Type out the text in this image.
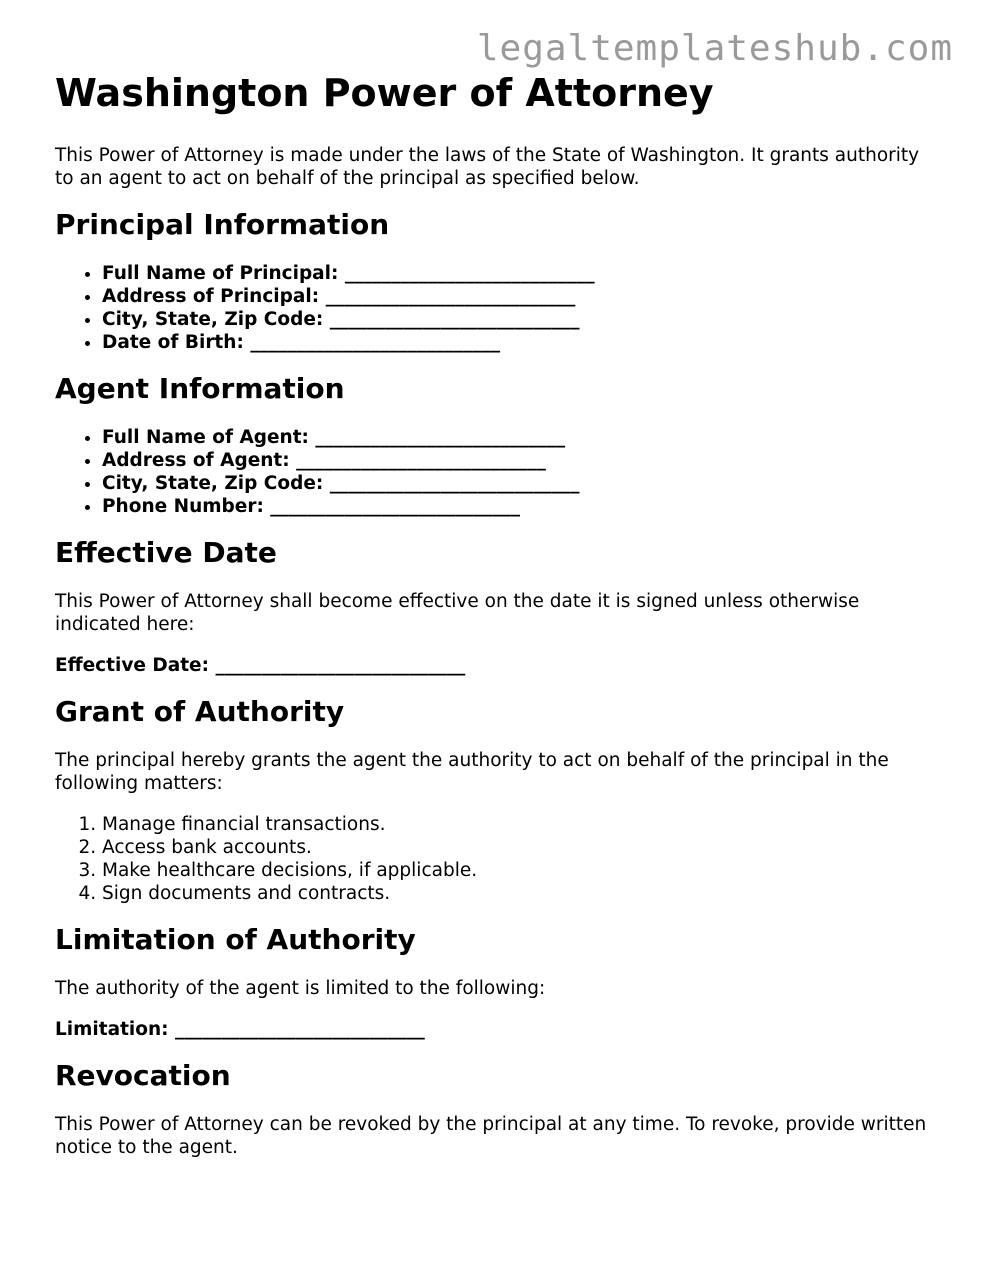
legaltemplateshub.com
Washington Power of Attorney

This Power of Attorney is made under the laws of the State of Washington. It grants authority to an agent to act on behalf of the principal as specified below.

Principal Information
• Full Name of Principal: ___________________________
• Address of Principal: ___________________________
• City, State, Zip Code: ___________________________
• Date of Birth: ___________________________
Agent Information
• Full Name of Agent: ___________________________
• Address of Agent: ___________________________
• City, State, Zip Code: ___________________________
• Phone Number: ___________________________
Effective Date

This Power of Attorney shall become effective on the date it is signed unless otherwise indicated here:

Effective Date: ___________________________

Grant of Authority

The principal hereby grants the agent the authority to act on behalf of the principal in the following matters:

1. Manage financial transactions.
2. Access bank accounts.
3. Make healthcare decisions, if applicable.
4. Sign documents and contracts.
Limitation of Authority

The authority of the agent is limited to the following:

Limitation: ___________________________

Revocation

This Power of Attorney can be revoked by the principal at any time. To revoke, provide written notice to the agent.
